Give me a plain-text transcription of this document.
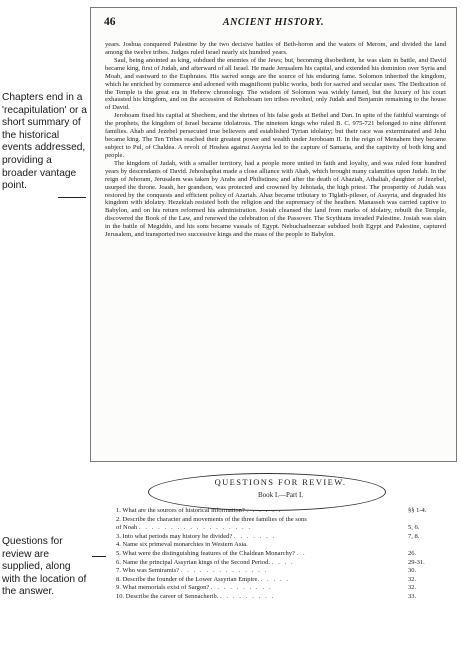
Chapters end in a 'recapitulation' or a short summary of the historical events addressed, providing a broader vantage point.
Questions for review are supplied, along with the location of the answer.
46	ANCIENT HISTORY.

years. Joshua conquered Palestine by the two decisive battles of Beth-horon and the waters of Merom, and divided the land among the twelve tribes. Judges ruled Israel nearly six hundred years.

Saul, being anointed as king, subdued the enemies of the Jews; but, becoming disobedient, he was slain in battle, and David became king, first of Judah, and afterward of all Israel. He made Jerusalem his capital, and extended his dominion over Syria and Moab, and eastward to the Euphrates. His sacred songs are the source of his enduring fame. Solomon inherited the kingdom, which he enriched by commerce and adorned with magnificent public works, both for sacred and secular uses. The Dedication of the Temple is the great era in Hebrew chronology. The wisdom of Solomon was widely famed, but the luxury of his court exhausted his kingdom, and on the accession of Rehoboam ten tribes revolted, only Judah and Benjamin remaining to the house of David.

Jeroboam fixed his capital at Shechem, and the shrines of his false gods at Bethel and Dan. In spite of the faithful warnings of the prophets, the kingdom of Israel became idolatrous. The nineteen kings who ruled B. C. 975-721 belonged to nine different families. Ahab and Jezebel persecuted true believers and established Tyrian idolatry; but their race was exterminated and Jehu became king. The Ten Tribes reached their greatest power and wealth under Jeroboam II. In the reign of Menahem they became subject to Pul, of Chaldea. A revolt of Hoshea against Assyria led to the capture of Samaria, and the captivity of both king and people.

The kingdom of Judah, with a smaller territory, had a people more united in faith and loyalty, and was ruled four hundred years by descendants of David. Jehoshaphat made a close alliance with Ahab, which brought many calamities upon Judah. In the reign of Jehoram, Jerusalem was taken by Arabs and Philistines; and after the death of Ahaziah, Athaliah, daughter of Jezebel, usurped the throne. Joash, her grandson, was protected and crowned by Jehoiada, the high priest. The prosperity of Judah was restored by the conquests and efficient policy of Azariah. Ahaz became tributary to Tiglath-pileser, of Assyria, and degraded his kingdom with idolatry. Hezekiah resisted both the religion and the supremacy of the heathen. Manasseh was carried captive to Babylon, and on his return reformed his administration. Josiah cleansed the land from marks of idolatry, rebuilt the Temple, discovered the Book of the Law, and renewed the celebration of the Passover. The Scythians invaded Palestine. Josiah was slain in the battle of Megiddo, and his sons became vassals of Egypt. Nebuchadnezzar subdued both Egypt and Palestine, captured Jerusalem, and transported two successive kings and the mass of the people to Babylon.

QUESTIONS FOR REVIEW.
Book I.—Part I.
1. What are the sources of historical information? . . . . . .	§§ 1-4.
2. Describe the character and movements of the three families of the sons
of Noah . . . . . . . . . . . . . . . . . .	5, 6.
3. Into what periods may history be divided? . . . . . . .	7, 8.
4. Name six primeval monarchies in Western Asia.
5. What were the distinguishing features of the Chaldean Monarchy? . .	26.
6. Name the principal Assyrian kings of the Second Period. . . . .	29-31.
7. Who was Semiramis? . . . . . . . . . . . . . .	30.
8. Describe the founder of the Lower Assyrian Empire. . . . . .	32.
9. What memorials exist of Sargon? . . . . . . . . . .	32.
10. Describe the career of Sennacherib. . . . . . . . . .	33.
